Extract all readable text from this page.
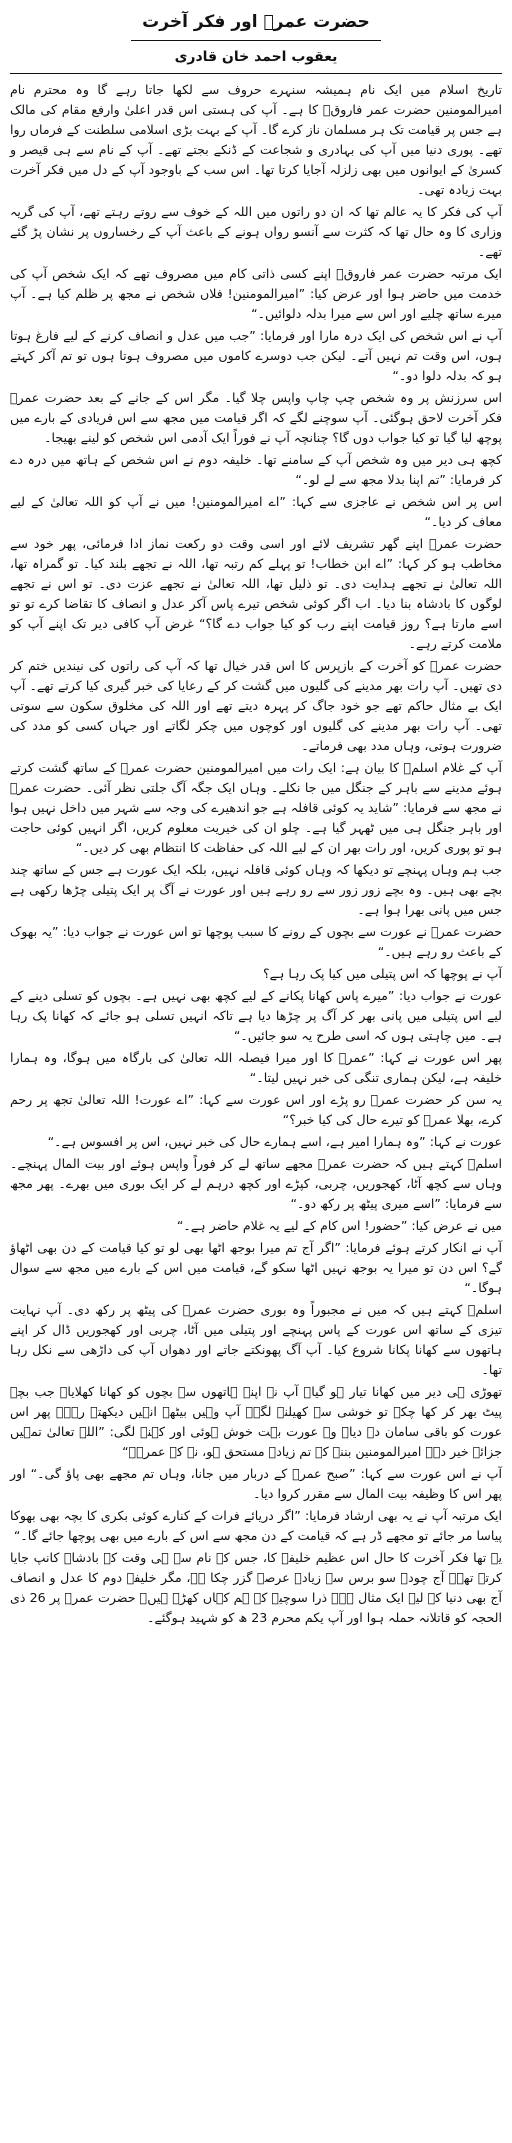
حضرت عمرؓ اور فکر آخرت
یعقوب احمد خان قادری

تاریخ اسلام میں ایک نام ہمیشہ سنہرے حروف سے لکھا جاتا رہے گا وہ محترم نام امیرالمومنین حضرت عمر فاروقؓ کا ہے۔ آپ کی ہستی اس قدر اعلیٰ وارفع مقام کی مالک ہے جس پر قیامت تک ہر مسلمان ناز کرے گا۔ آپ کے بہت بڑی اسلامی سلطنت کے فرماں روا تھے۔ پوری دنیا میں آپ کی بہادری و شجاعت کے ڈنکے بجتے تھے۔ آپ کے نام سے ہی قیصر و کسریٰ کے ایوانوں میں بھی زلزلہ آجایا کرتا تھا۔ اس سب کے باوجود آپ کے دل میں فکر آخرت بہت زیادہ تھی۔

آپ کی فکر کا یہ عالم تھا کہ ان دو راتوں میں اللہ کے خوف سے روتے رہتے تھے، آپ کی گریہ وزاری کا وہ حال تھا کہ کثرت سے آنسو رواں ہونے کے باعث آپ کے رخساروں پر نشان پڑ گئے تھے۔

ایک مرتبہ حضرت عمر فاروقؓ اپنے کسی ذاتی کام میں مصروف تھے کہ ایک شخص آپ کی خدمت میں حاضر ہوا اور عرض کیا: ”امیرالمومنین! فلاں شخص نے مجھ پر ظلم کیا ہے۔ آپ میرے ساتھ چلیے اور اس سے میرا بدلہ دلوائیں۔“

آپ نے اس شخص کی ایک درہ مارا اور فرمایا: ”جب میں عدل و انصاف کرنے کے لیے فارغ ہوتا ہوں، اس وقت تم نہیں آتے۔ لیکن جب دوسرے کاموں میں مصروف ہوتا ہوں تو تم آکر کہتے ہو کہ بدلہ دلوا دو۔“

اس سرزنش پر وہ شخص چپ چاپ واپس چلا گیا۔ مگر اس کے جانے کے بعد حضرت عمرؓ فکر آخرت لاحق ہوگئی۔ آپ سوچنے لگے کہ اگر قیامت میں مجھ سے اس فریادی کے بارے میں پوچھ لیا گیا تو کیا جواب دوں گا؟ چنانچہ آپ نے فوراً ایک آدمی اس شخص کو لینے بھیجا۔

کچھ ہی دیر میں وہ شخص آپ کے سامنے تھا۔ خلیفہ دوم نے اس شخص کے ہاتھ میں درہ دے کر فرمایا: ”تم اپنا بدلا مجھ سے لے لو۔“

اس پر اس شخص نے عاجزی سے کہا: ”اے امیرالمومنین! میں نے آپ کو اللہ تعالیٰ کے لیے معاف کر دیا۔“

حضرت عمرؓ اپنے گھر تشریف لائے اور اسی وقت دو رکعت نماز ادا فرمائی، پھر خود سے مخاطب ہو کر کہا: ”اے ابن خطاب! تو پہلے کم رتبہ تھا، اللہ نے تجھے بلند کیا۔ تو گمراہ تھا، اللہ تعالیٰ نے تجھے ہدایت دی۔ تو ذلیل تھا، اللہ تعالیٰ نے تجھے عزت دی۔ تو اس نے تجھے لوگوں کا بادشاہ بنا دیا۔ اب اگر کوئی شخص تیرے پاس آکر عدل و انصاف کا تقاضا کرے تو تو اسے مارتا ہے؟ روز قیامت اپنے رب کو کیا جواب دے گا؟“ غرض آپ کافی دیر تک اپنے آپ کو ملامت کرتے رہے۔

حضرت عمرؓ کو آخرت کے بازپرس کا اس قدر خیال تھا کہ آپ کی راتوں کی نیندیں ختم کر دی تھیں۔ آپ رات بھر مدینے کی گلیوں میں گشت کر کے رعایا کی خبر گیری کیا کرتے تھے۔ آپ ایک بے مثال حاکم تھے جو خود جاگ کر پہرہ دیتے تھے اور اللہ کی مخلوق سکون سے سوتی تھی۔ آپ رات بھر مدینے کی گلیوں اور کوچوں میں چکر لگاتے اور جہاں کسی کو مدد کی ضرورت ہوتی، وہاں مدد بھی فرماتے۔

آپ کے غلام اسلمؓ کا بیان ہے: ایک رات میں امیرالمومنین حضرت عمرؓ کے ساتھ گشت کرتے ہوئے مدینے سے باہر کے جنگل میں جا نکلے۔ وہاں ایک جگہ آگ جلتی نظر آئی۔ حضرت عمرؓ نے مجھ سے فرمایا: ”شاید یہ کوئی قافلہ ہے جو اندھیرے کی وجہ سے شہر میں داخل نہیں ہوا اور باہر جنگل ہی میں ٹھہر گیا ہے۔ چلو ان کی خیریت معلوم کریں، اگر انہیں کوئی حاجت ہو تو پوری کریں، اور رات بھر ان کے لیے اللہ کی حفاظت کا انتظام بھی کر دیں۔“

جب ہم وہاں پہنچے تو دیکھا کہ وہاں کوئی قافلہ نہیں، بلکہ ایک عورت ہے جس کے ساتھ چند بچے بھی ہیں۔ وہ بچے زور زور سے رو رہے ہیں اور عورت نے آگ پر ایک پتیلی چڑھا رکھی ہے جس میں پانی بھرا ہوا ہے۔

حضرت عمرؓ نے عورت سے بچوں کے رونے کا سبب پوچھا تو اس عورت نے جواب دیا: ”یہ بھوک کے باعث رو رہے ہیں۔“

آپ نے پوچھا کہ اس پتیلی میں کیا پک رہا ہے؟

عورت نے جواب دیا: ”میرے پاس کھانا پکانے کے لیے کچھ بھی نہیں ہے۔ بچوں کو تسلی دینے کے لیے اس پتیلی میں پانی بھر کر آگ پر چڑھا دیا ہے تاکہ انہیں تسلی ہو جائے کہ کھانا پک رہا ہے۔ میں چاہتی ہوں کہ اسی طرح یہ سو جائیں۔“

پھر اس عورت نے کہا: ”عمرؓ کا اور میرا فیصلہ اللہ تعالیٰ کی بارگاہ میں ہوگا، وہ ہمارا خلیفہ ہے، لیکن ہماری تنگی کی خبر نہیں لیتا۔“

یہ سن کر حضرت عمرؓ رو پڑے اور اس عورت سے کہا: ”اے عورت! اللہ تعالیٰ تجھ پر رحم کرے، بھلا عمرؓ کو تیرے حال کی کیا خبر؟“

عورت نے کہا: ”وہ ہمارا امیر ہے، اسے ہمارے حال کی خبر نہیں، اس پر افسوس ہے۔“

اسلمؓ کہتے ہیں کہ حضرت عمرؓ مجھے ساتھ لے کر فوراً واپس ہوئے اور بیت المال پہنچے۔ وہاں سے کچھ آٹا، کھجوریں، چربی، کپڑے اور کچھ درہم لے کر ایک بوری میں بھرے۔ پھر مجھ سے فرمایا: ”اسے میری پیٹھ پر رکھ دو۔“

میں نے عرض کیا: ”حضور! اس کام کے لیے یہ غلام حاضر ہے۔“

آپ نے انکار کرتے ہوئے فرمایا: ”اگر آج تم میرا بوجھ اٹھا بھی لو تو کیا قیامت کے دن بھی اٹھاؤ گے؟ اس دن تو میرا یہ بوجھ نہیں اٹھا سکو گے، قیامت میں اس کے بارے میں مجھ سے سوال ہوگا۔“

اسلمؓ کہتے ہیں کہ میں نے مجبوراً وہ بوری حضرت عمرؓ کی پیٹھ پر رکھ دی۔ آپ نہایت تیزی کے ساتھ اس عورت کے پاس پہنچے اور پتیلی میں آٹا، چربی اور کھجوریں ڈال کر اپنے ہاتھوں سے کھانا پکانا شروع کیا۔ آپ آگ پھونکتے جاتے اور دھواں آپ کی داڑھی سے نکل رہا تھا۔

تھوڑی ہی دیر میں کھانا تیار ہو گیا۔ آپ نے اپنے ہاتھوں سے بچوں کو کھانا کھلایا۔ جب بچے پیٹ بھر کر کھا چکے تو خوشی سے کھیلنے لگے۔ آپ وہیں بیٹھے انہیں دیکھتے رہے۔ پھر اس عورت کو باقی سامان دے دیا۔ وہ عورت بہت خوش ہوئی اور کہنے لگی: ”اللہ تعالیٰ تمہیں جزائے خیر دے۔ امیرالمومنین بننے کے تم زیادہ مستحق ہو، نہ کہ عمرؓ۔“

آپ نے اس عورت سے کہا: ”صبح عمرؓ کے دربار میں جانا، وہاں تم مجھے بھی پاؤ گی۔“ اور پھر اس کا وظیفہ بیت المال سے مقرر کروا دیا۔

ایک مرتبہ آپ نے یہ بھی ارشاد فرمایا: ”اگر دریائے فرات کے کنارے کوئی بکری کا بچہ بھی بھوکا پیاسا مر جائے تو مجھے ڈر ہے کہ قیامت کے دن مجھ سے اس کے بارے میں بھی پوچھا جائے گا۔“

یہ تھا فکر آخرت کا حال اس عظیم خلیفہ کا، جس کے نام سے ہی وقت کے بادشاہ کانپ جایا کرتے تھے۔ آج چودہ سو برس سے زیادہ عرصہ گزر چکا ہے، مگر خلیفہ دوم کا عدل و انصاف آج بھی دنیا کے لیے ایک مثال ہے۔ ذرا سوچیے کہ ہم کہاں کھڑے ہیں۔ حضرت عمرؓ پر 26 ذی الحجہ کو قاتلانہ حملہ ہوا اور آپ یکم محرم 23 ھ کو شہید ہوگئے۔
